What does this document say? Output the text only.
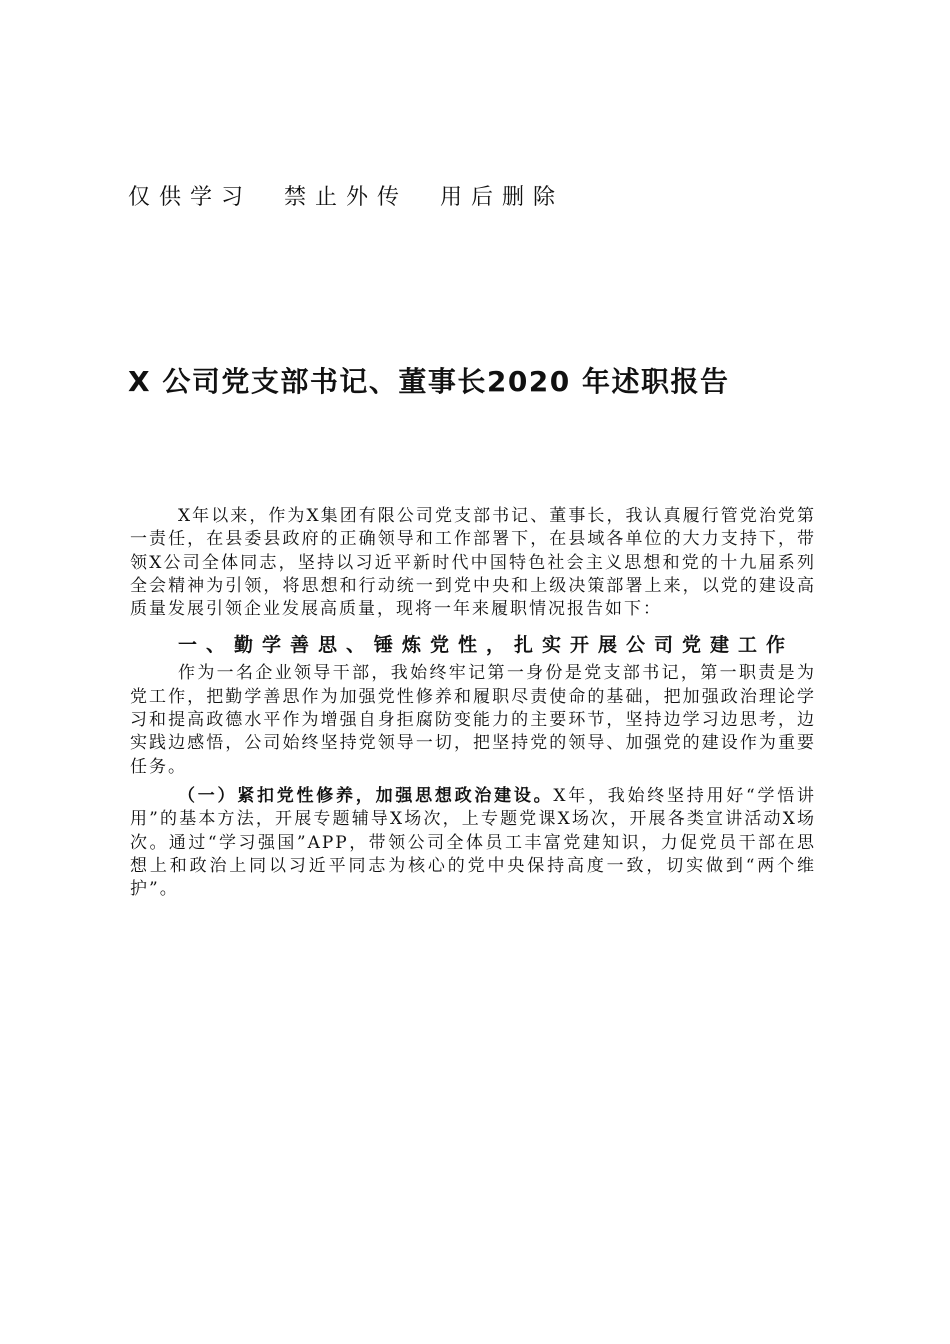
仅供学习  禁止外传  用后删除
X 公司党支部书记、董事长2020 年述职报告

X年以来，作为X集团有限公司党支部书记、董事长，我认真履行管党治党第一责任，在县委县政府的正确领导和工作部署下，在县域各单位的大力支持下，带领X公司全体同志，坚持以习近平新时代中国特色社会主义思想和党的十九届系列全会精神为引领，将思想和行动统一到党中央和上级决策部署上来，以党的建设高质量发展引领企业发展高质量，现将一年来履职情况报告如下：

一、勤学善思、锤炼党性，扎实开展公司党建工作

作为一名企业领导干部，我始终牢记第一身份是党支部书记，第一职责是为党工作，把勤学善思作为加强党性修养和履职尽责使命的基础，把加强政治理论学习和提高政德水平作为增强自身拒腐防变能力的主要环节，坚持边学习边思考，边实践边感悟，公司始终坚持党领导一切，把坚持党的领导、加强党的建设作为重要任务。

（一）紧扣党性修养，加强思想政治建设。X年，我始终坚持用好“学悟讲用”的基本方法，开展专题辅导X场次，上专题党课X场次，开展各类宣讲活动X场次。通过“学习强国”APP，带领公司全体员工丰富党建知识，力促党员干部在思想上和政治上同以习近平同志为核心的党中央保持高度一致，切实做到“两个维护”。
